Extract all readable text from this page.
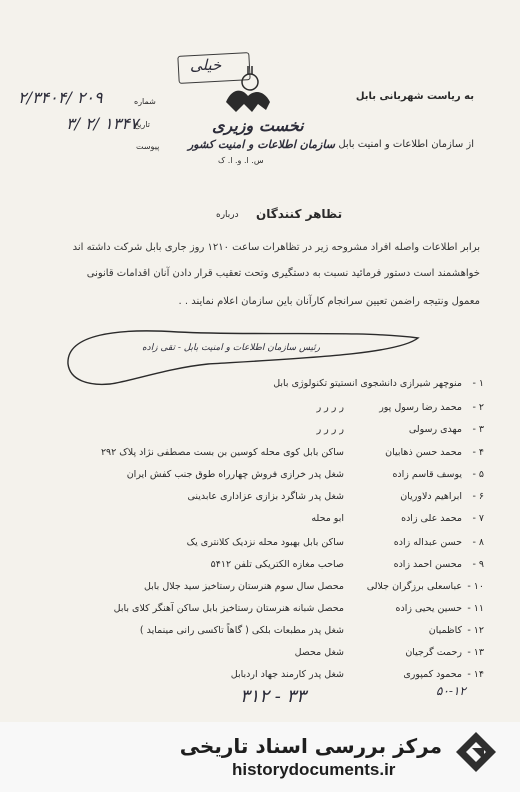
خیلی
نخست وزیری
سازمان اطلاعات و امنیت کشور
س. ا. و. ا. ک
۲/۳۴۰۴/ ۲۰۹	شماره
۳/ ۲/ ۱۳۴۷
تاریخ
پیوست
به ریاست شهربانی بابل
از سازمان اطلاعات و امنیت بابل
درباره تظاهر کنندگان
برابر اطلاعات واصله افراد مشروحه زیر در تظاهرات ساعت ۱۲۱۰ روز جاری بابل شرکت داشته اند
خواهشمند است دستور فرمائید نسبت به دستگیری وتحت تعقیب قرار دادن آنان اقدامات قانونی
معمول ونتیجه راضمن تعیین سرانجام کارآنان باین سازمان اعلام نمایند . .
رئیس سازمان اطلاعات و امنیت بابل - تقی زاده
۱ -منوچهر شیرازی دانشجوی انستیتو تکنولوژی بابل
۲ -محمد رضا رسول پور
ر ر ر ر
۳ -مهدی رسولی
ر ر ر ر
۴ -محمد حسن ذهابیان
ساکن بابل کوی محله کوسین بن بست مصطفی نژاد پلاک ۲۹۲
۵ -یوسف قاسم زاده
شغل پدر خرازی فروش چهارراه طوق جنب کفش ایران
۶ -ابراهیم دلاوریان
شغل پدر شاگرد بزازی عزاداری عابدینی
۷ -محمد علی زاده
ابو محله
۸ -حسن عبداله زاده
ساکن بابل بهبود محله نزدیک کلانتری یک
۹ -محسن احمد زاده
صاحب مغازه الکتریکی تلفن ۵۴۱۲
۱۰ -عباسعلی برزگران جلالی
محصل سال سوم هنرستان رستاخیز سید جلال بابل
۱۱ -حسین یحیی زاده
محصل شبانه هنرستان رستاخیز بابل ساکن آهنگر کلای بابل
۱۲ -کاظمیان
شغل پدر مطبعات بلکی ( گاهاً تاکسی رانی مینماید )
۱۳ -رحمت گرجیان
شغل محصل
۱۴ -محمود کمپوری
شغل پدر کارمند جهاد اردبابل
۳۱۲ - ۳۳	۵۰-۱۲
مرکز بررسی اسناد تاریخی
historydocuments.ir
